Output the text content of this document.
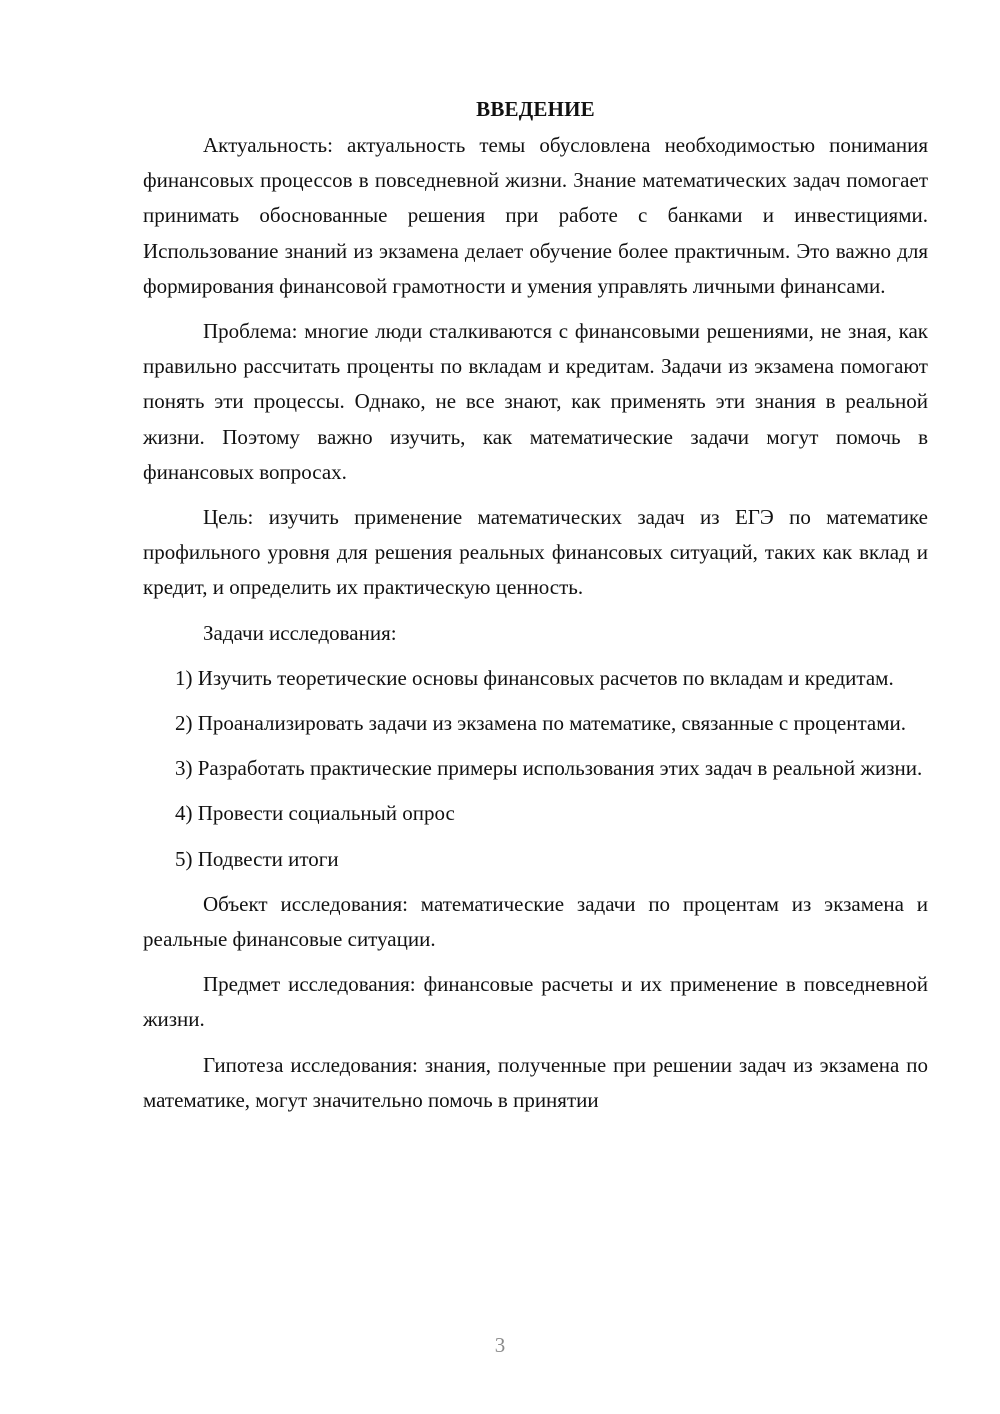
ВВЕДЕНИЕ

Актуальность: актуальность темы обусловлена необходимостью понимания финансовых процессов в повседневной жизни. Знание математических задач помогает принимать обоснованные решения при работе с банками и инвестициями. Использование знаний из экзамена делает обучение более практичным. Это важно для формирования финансовой грамотности и умения управлять личными финансами.

Проблема: многие люди сталкиваются с финансовыми решениями, не зная, как правильно рассчитать проценты по вкладам и кредитам. Задачи из экзамена помогают понять эти процессы. Однако, не все знают, как применять эти знания в реальной жизни. Поэтому важно изучить, как математические задачи могут помочь в финансовых вопросах.

Цель: изучить применение математических задач из ЕГЭ по математике профильного уровня для решения реальных финансовых ситуаций, таких как вклад и кредит, и определить их практическую ценность.

Задачи исследования:

1) Изучить теоретические основы финансовых расчетов по вкладам и кредитам.

2) Проанализировать задачи из экзамена по математике, связанные с процентами.

3) Разработать практические примеры использования этих задач в реальной жизни.

4) Провести социальный опрос

5) Подвести итоги

Объект исследования: математические задачи по процентам из экзамена и реальные финансовые ситуации.

Предмет исследования: финансовые расчеты и их применение в повседневной жизни.

Гипотеза исследования: знания, полученные при решении задач из экзамена по математике, могут значительно помочь в принятии

3
